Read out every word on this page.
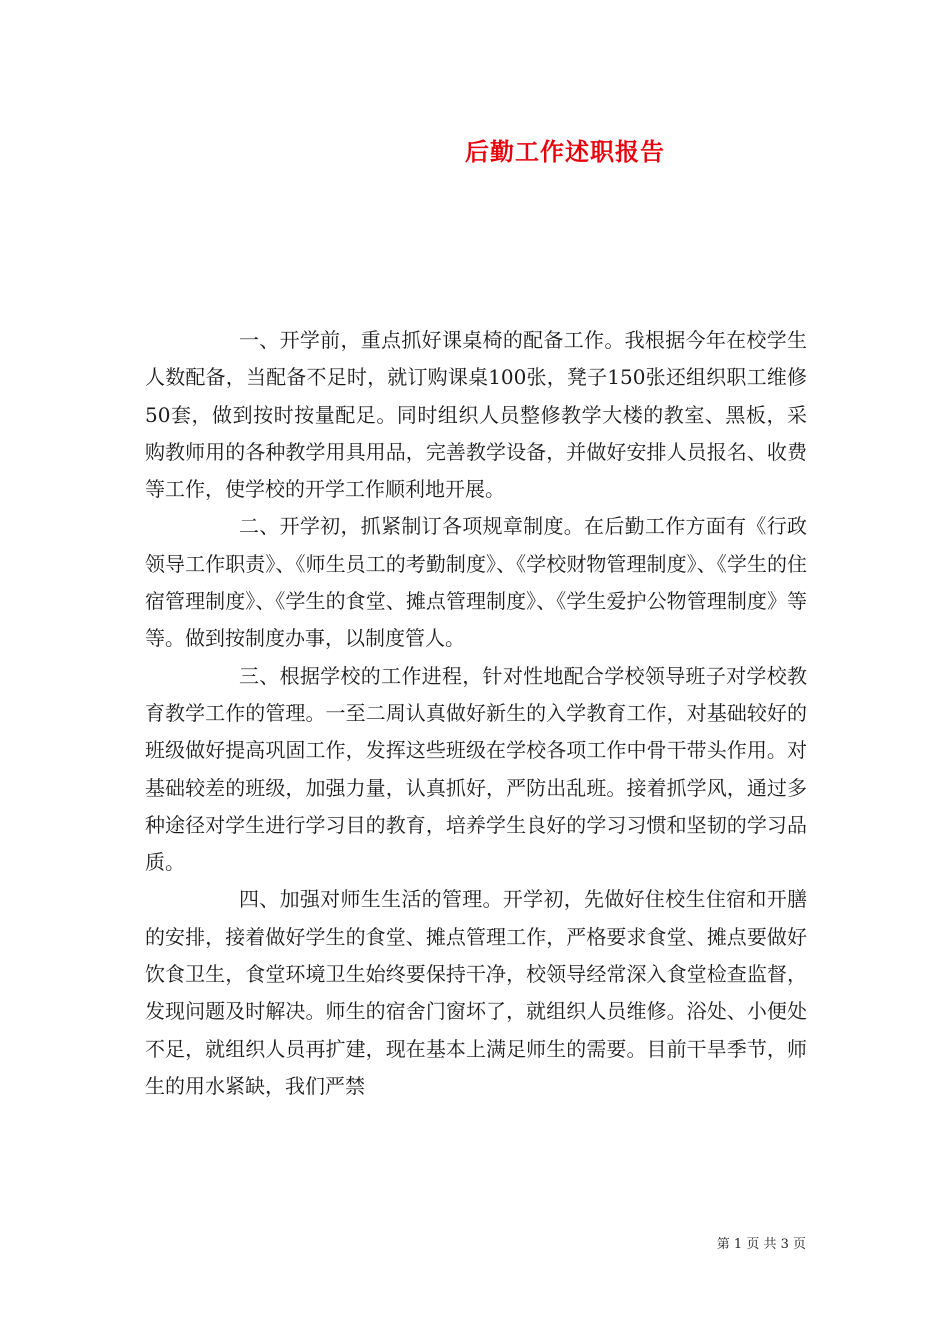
后勤工作述职报告

一、开学前，重点抓好课桌椅的配备工作。我根据今年在校学生人数配备，当配备不足时，就订购课桌100张，凳子150张还组织职工维修50套，做到按时按量配足。同时组织人员整修教学大楼的教室、黑板，采购教师用的各种教学用具用品，完善教学设备，并做好安排人员报名、收费等工作，使学校的开学工作顺利地开展。

二、开学初，抓紧制订各项规章制度。在后勤工作方面有《行政领导工作职责》、《师生员工的考勤制度》、《学校财物管理制度》、《学生的住宿管理制度》、《学生的食堂、摊点管理制度》、《学生爱护公物管理制度》等等。做到按制度办事，以制度管人。

三、根据学校的工作进程，针对性地配合学校领导班子对学校教育教学工作的管理。一至二周认真做好新生的入学教育工作，对基础较好的班级做好提高巩固工作，发挥这些班级在学校各项工作中骨干带头作用。对基础较差的班级，加强力量，认真抓好，严防出乱班。接着抓学风，通过多种途径对学生进行学习目的教育，培养学生良好的学习习惯和坚韧的学习品质。

四、加强对师生生活的管理。开学初，先做好住校生住宿和开膳的安排，接着做好学生的食堂、摊点管理工作，严格要求食堂、摊点要做好饮食卫生，食堂环境卫生始终要保持干净，校领导经常深入食堂检查监督，发现问题及时解决。师生的宿舍门窗坏了，就组织人员维修。浴处、小便处不足，就组织人员再扩建，现在基本上满足师生的需要。目前干旱季节，师生的用水紧缺，我们严禁

第 1 页 共 3 页
